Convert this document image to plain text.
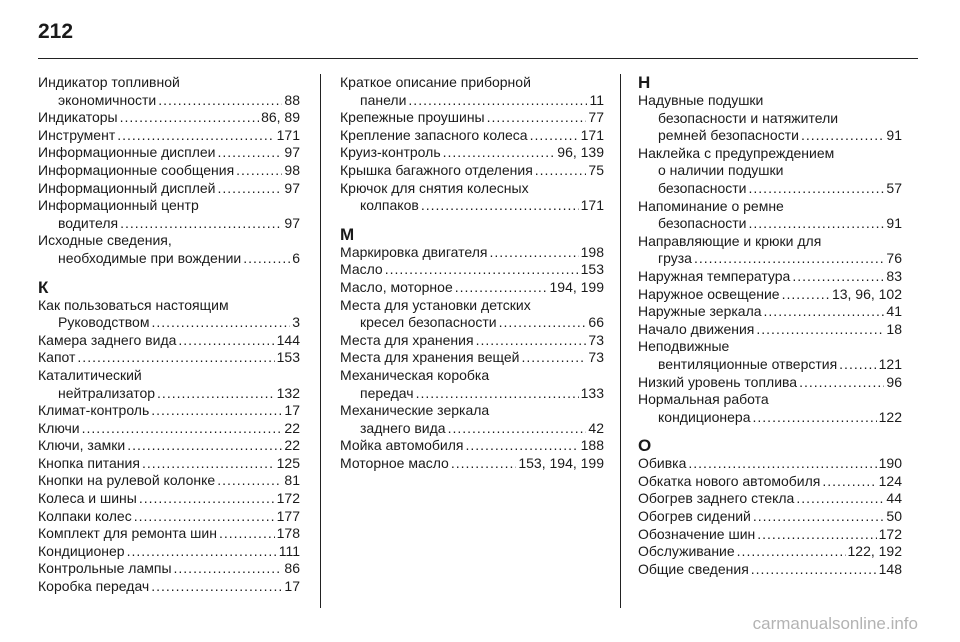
212
Индикатор топливной
экономичности .....	88
Индикаторы .....	86, 89
Инструмент .....	171
Информационные дисплеи .....	97
Информационные сообщения .....	98
Информационный дисплей .....	97
Информационный центр
водителя .....	97
Исходные сведения,
необходимые при вождении .....	6
К
Как пользоваться настоящим
Руководством .....	3
Камера заднего вида .....	144
Капот .....	153
Каталитический
нейтрализатор .....	132
Климат-контроль .....	17
Ключи .....	22
Ключи, замки .....	22
Кнопка питания .....	125
Кнопки на рулевой колонке .....	81
Колеса и шины .....	172
Колпаки колес .....	177
Комплект для ремонта шин .....	178
Кондиционер .....	111
Контрольные лампы .....	86
Коробка передач .....	17
Краткое описание приборной
панели .....	11
Крепежные проушины .....	77
Крепление запасного колеса .....	171
Круиз-контроль .....	96, 139
Крышка багажного отделения .....	75
Крючок для снятия колесных
колпаков .....	171
М
Маркировка двигателя .....	198
Масло .....	153
Масло, моторное .....	194, 199
Места для установки детских
кресел безопасности .....	66
Места для хранения .....	73
Места для хранения вещей .....	73
Механическая коробка
передач .....	133
Механические зеркала
заднего вида .....	42
Мойка автомобиля .....	188
Моторное масло .....	153, 194, 199
Н
Надувные подушки
безопасности и натяжители
ремней безопасности .....	91
Наклейка с предупреждением
о наличии подушки
безопасности .....	57
Напоминание о ремне
безопасности .....	91
Направляющие и крюки для
груза .....	76
Наружная температура .....	83
Наружное освещение .....	13, 96, 102
Наружные зеркала .....	41
Начало движения .....	18
Неподвижные
вентиляционные отверстия .....	121
Низкий уровень топлива .....	96
Нормальная работа
кондиционера .....	122
О
Обивка .....	190
Обкатка нового автомобиля .....	124
Обогрев заднего стекла .....	44
Обогрев сидений .....	50
Обозначение шин .....	172
Обслуживание .....	122, 192
Общие сведения .....	148
carmanualsonline.info
